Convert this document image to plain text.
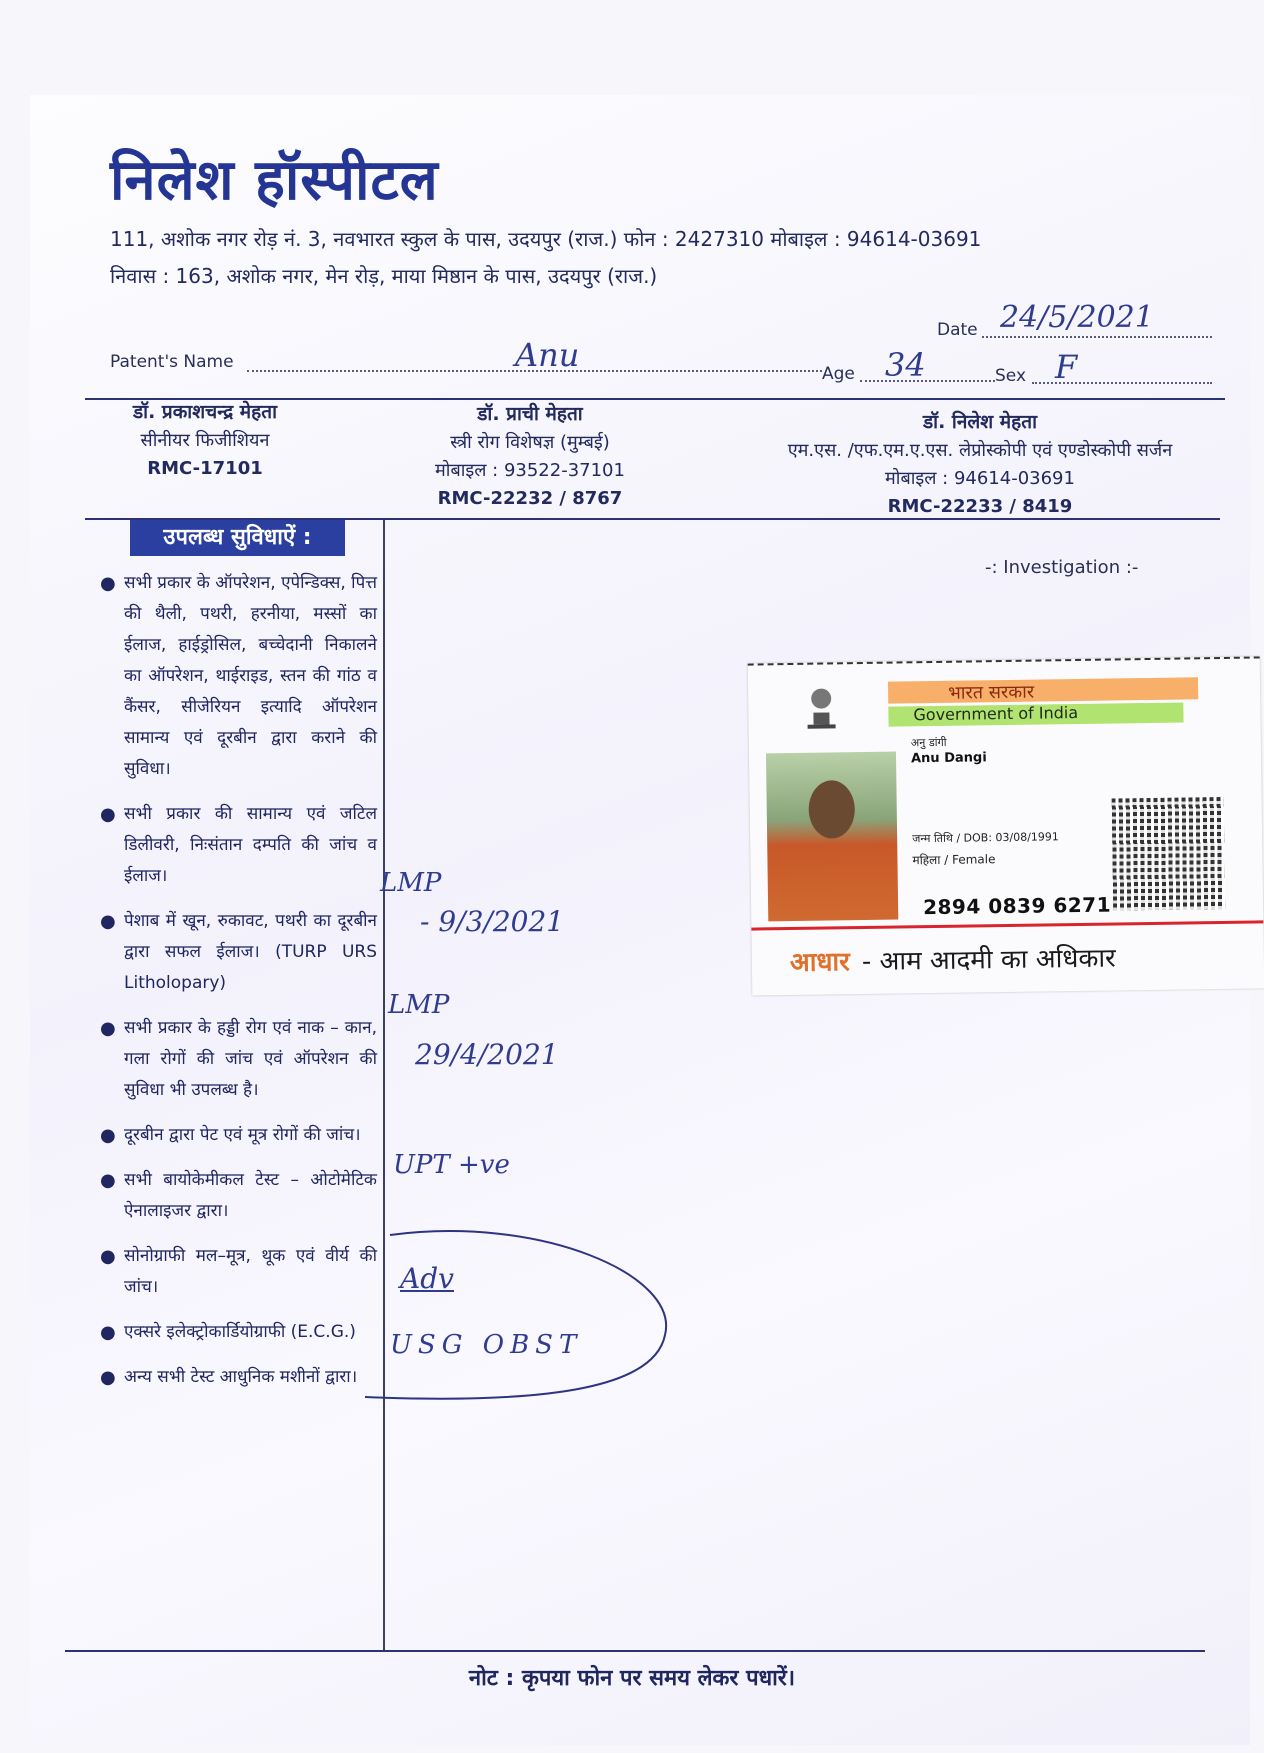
निलेश हॉस्पीटल
111, अशोक नगर रोड़ नं. 3, नवभारत स्कुल के पास, उदयपुर (राज.) फोन : 2427310 मोबाइल : 94614-03691
निवास : 163, अशोक नगर, मेन रोड़, माया मिष्ठान के पास, उदयपुर (राज.)
Date 24/5/2021
Patent's Name	Anu	Age 34	Sex F
डॉ. प्रकाशचन्द्र मेहता
सीनीयर फिजीशियन
RMC-17101
डॉ. प्राची मेहता
स्त्री रोग विशेषज्ञ (मुम्बई)
मोबाइल : 93522-37101
RMC-22232 / 8767
डॉ. निलेश मेहता
एम.एस. /एफ.एम.ए.एस. लेप्रोस्कोपी एवं एण्डोस्कोपी सर्जन
मोबाइल : 94614-03691
RMC-22233 / 8419
उपलब्ध सुविधाऐं :
● सभी प्रकार के ऑपरेशन, एपेन्डिक्स, पित्त की थैली, पथरी, हरनीया, मस्सों का ईलाज, हाईड्रोसिल, बच्चेदानी निकालने का ऑपरेशन, थाईराइड, स्तन की गांठ व कैंसर, सीजेरियन इत्यादि ऑपरेशन सामान्य एवं दूरबीन द्वारा कराने की सुविधा।
● सभी प्रकार की सामान्य एवं जटिल डिलीवरी, निःसंतान दम्पति की जांच व ईलाज।
● पेशाब में खून, रुकावट, पथरी का दूरबीन द्वारा सफल ईलाज। (TURP URS Litholopary)
● सभी प्रकार के हड्डी रोग एवं नाक – कान, गला रोगों की जांच एवं ऑपरेशन की सुविधा भी उपलब्ध है।
● दूरबीन द्वारा पेट एवं मूत्र रोगों की जांच।
● सभी बायोकेमीकल टेस्ट – ओटोमेटिक ऐनालाइजर द्वारा।
● सोनोग्राफी मल–मूत्र, थूक एवं वीर्य की जांच।
● एक्सरे इलेक्ट्रोकार्डियोग्राफी (E.C.G.)
● अन्य सभी टेस्ट आधुनिक मशीनों द्वारा।
-: Investigation :-
LMP
- 9/3/2021
LMP
29/4/2021
UPT +ve
Adv
USG OBST
भारत सरकार
Government of India
अनु डांगी
Anu Dangi
जन्म तिथि / DOB: 03/08/1991
महिला / Female
2894 0839 6271
आधार - आम आदमी का अधिकार
नोट : कृपया फोन पर समय लेकर पधारें।
